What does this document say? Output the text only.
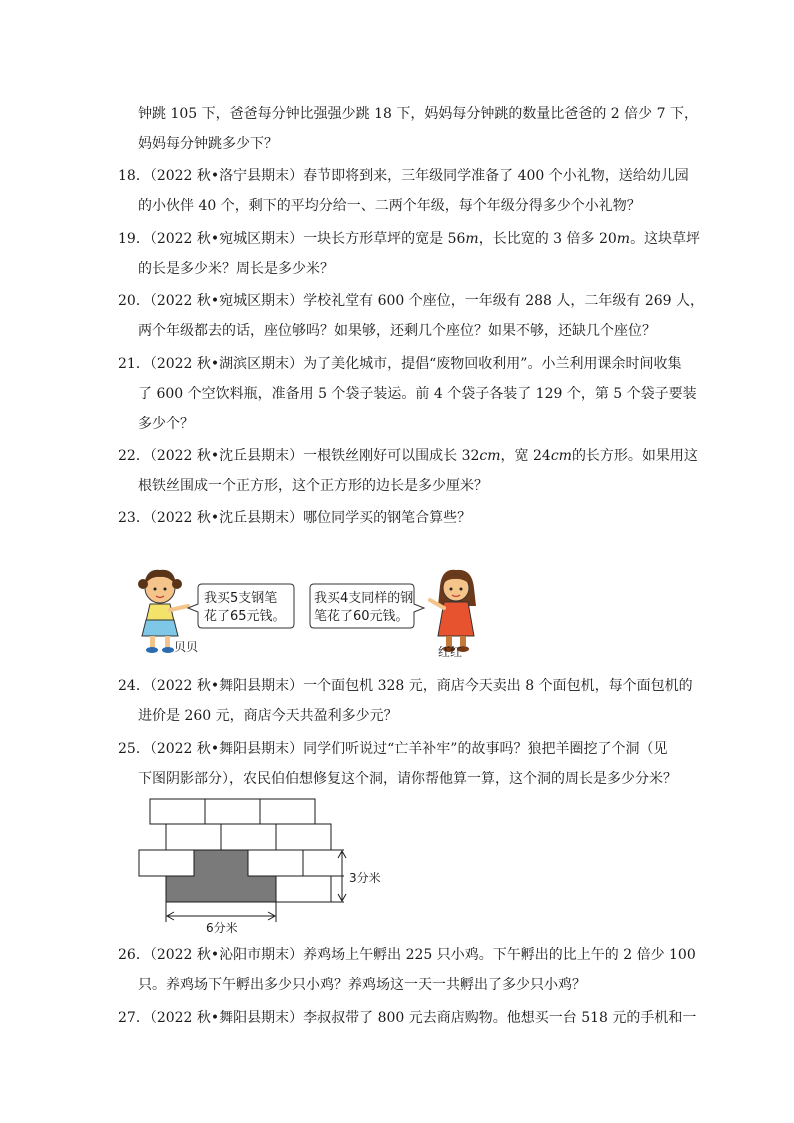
钟跳 105 下，爸爸每分钟比强强少跳 18 下，妈妈每分钟跳的数量比爸爸的 2 倍少 7 下，
妈妈每分钟跳多少下？
18．（2022 秋•洛宁县期末）春节即将到来，三年级同学准备了 400 个小礼物，送给幼儿园
的小伙伴 40 个，剩下的平均分给一、二两个年级，每个年级分得多少个小礼物？
19．（2022 秋•宛城区期末）一块长方形草坪的宽是 56m，长比宽的 3 倍多 20m。这块草坪
的长是多少米？周长是多少米？
20．（2022 秋•宛城区期末）学校礼堂有 600 个座位，一年级有 288 人，二年级有 269 人，
两个年级都去的话，座位够吗？如果够，还剩几个座位？如果不够，还缺几个座位？
21．（2022 秋•湖滨区期末）为了美化城市，提倡“废物回收利用”。小兰利用课余时间收集
了 600 个空饮料瓶，准备用 5 个袋子装运。前 4 个袋子各装了 129 个，第 5 个袋子要装
多少个？
22．（2022 秋•沈丘县期末）一根铁丝刚好可以围成长 32cm，宽 24cm的长方形。如果用这
根铁丝围成一个正方形，这个正方形的边长是多少厘米？
23．（2022 秋•沈丘县期末）哪位同学买的钢笔合算些？
我买5支钢笔
花了65元钱。
贝贝
我买4支同样的钢
笔花了60元钱。
红红
24．（2022 秋•舞阳县期末）一个面包机 328 元，商店今天卖出 8 个面包机，每个面包机的
进价是 260 元，商店今天共盈利多少元？
25．（2022 秋•舞阳县期末）同学们听说过“亡羊补牢”的故事吗？狼把羊圈挖了个洞（见
下图阴影部分），农民伯伯想修复这个洞，请你帮他算一算，这个洞的周长是多少分米？
3分米
6分米
26．（2022 秋•沁阳市期末）养鸡场上午孵出 225 只小鸡。下午孵出的比上午的 2 倍少 100
只。养鸡场下午孵出多少只小鸡？养鸡场这一天一共孵出了多少只小鸡？
27．（2022 秋•舞阳县期末）李叔叔带了 800 元去商店购物。他想买一台 518 元的手机和一
